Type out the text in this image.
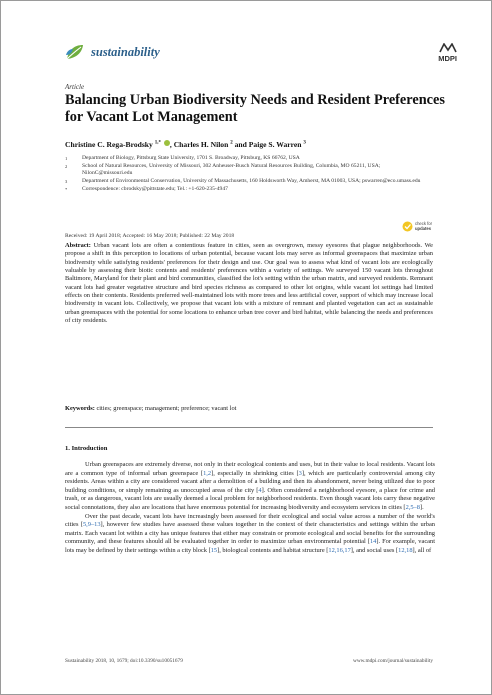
sustainability	MDPI
Article
Balancing Urban Biodiversity Needs and Resident Preferences for Vacant Lot Management
Christine C. Rega-Brodsky $^{1,*}$ , Charles H. Nilon $^2$ and Paige S. Warren $^3$
1	Department of Biology, Pittsburg State University, 1701 S. Broadway, Pittsburg, KS 66762, USA
2	School of Natural Resources, University of Missouri, 302 Anheuser-Busch Natural Resources Building, Columbia, MO 65211, USA; NilonC@missouri.edu
3	Department of Environmental Conservation, University of Massachusetts, 160 Holdsworth Way, Amherst, MA 01003, USA; pswarren@eco.umass.edu
*	Correspondence: cbrodsky@pittstate.edu; Tel.: +1-620-235-4947
check for
updates
Received: 19 April 2018; Accepted: 16 May 2018; Published: 22 May 2018
Abstract: Urban vacant lots are often a contentious feature in cities, seen as overgrown, messy eyesores that plague neighborhoods. We propose a shift in this perception to locations of urban potential, because vacant lots may serve as informal greenspaces that maximize urban biodiversity while satisfying residents' preferences for their design and use. Our goal was to assess what kind of vacant lots are ecologically valuable by assessing their biotic contents and residents' preferences within a variety of settings. We surveyed 150 vacant lots throughout Baltimore, Maryland for their plant and bird communities, classified the lot's setting within the urban matrix, and surveyed residents. Remnant vacant lots had greater vegetative structure and bird species richness as compared to other lot origins, while vacant lot settings had limited effects on their contents. Residents preferred well-maintained lots with more trees and less artificial cover, support of which may increase local biodiversity in vacant lots. Collectively, we propose that vacant lots with a mixture of remnant and planted vegetation can act as sustainable urban greenspaces with the potential for some locations to enhance urban tree cover and bird habitat, while balancing the needs and preferences of city residents.
Keywords: cities; greenspace; management; preference; vacant lot
1. Introduction

Urban greenspaces are extremely diverse, not only in their ecological contents and uses, but in their value to local residents. Vacant lots are a common type of informal urban greenspace [1,2], especially in shrinking cities [3], which are particularly controversial among city residents. Areas within a city are considered vacant after a demolition of a building and then its abandonment, never being utilized due to poor building conditions, or simply remaining as unoccupied areas of the city [4]. Often considered a neighborhood eyesore, a place for crime and trash, or as dangerous, vacant lots are usually deemed a local problem for neighborhood residents. Even though vacant lots carry these negative social connotations, they also are locations that have enormous potential for increasing biodiversity and ecosystem services in cities [2,5–8].

Over the past decade, vacant lots have increasingly been assessed for their ecological and social value across a number of the world's cities [5,9–13], however few studies have assessed these values together in the context of their characteristics and settings within the urban matrix. Each vacant lot within a city has unique features that either may constrain or promote ecological and social benefits for the surrounding community, and these features should all be evaluated together in order to maximize urban environmental potential [14]. For example, vacant lots may be defined by their settings within a city block [15], biological contents and habitat structure [12,16,17], and social uses [12,18], all of

Sustainability 2018, 10, 1679; doi:10.3390/su10051679	www.mdpi.com/journal/sustainability
